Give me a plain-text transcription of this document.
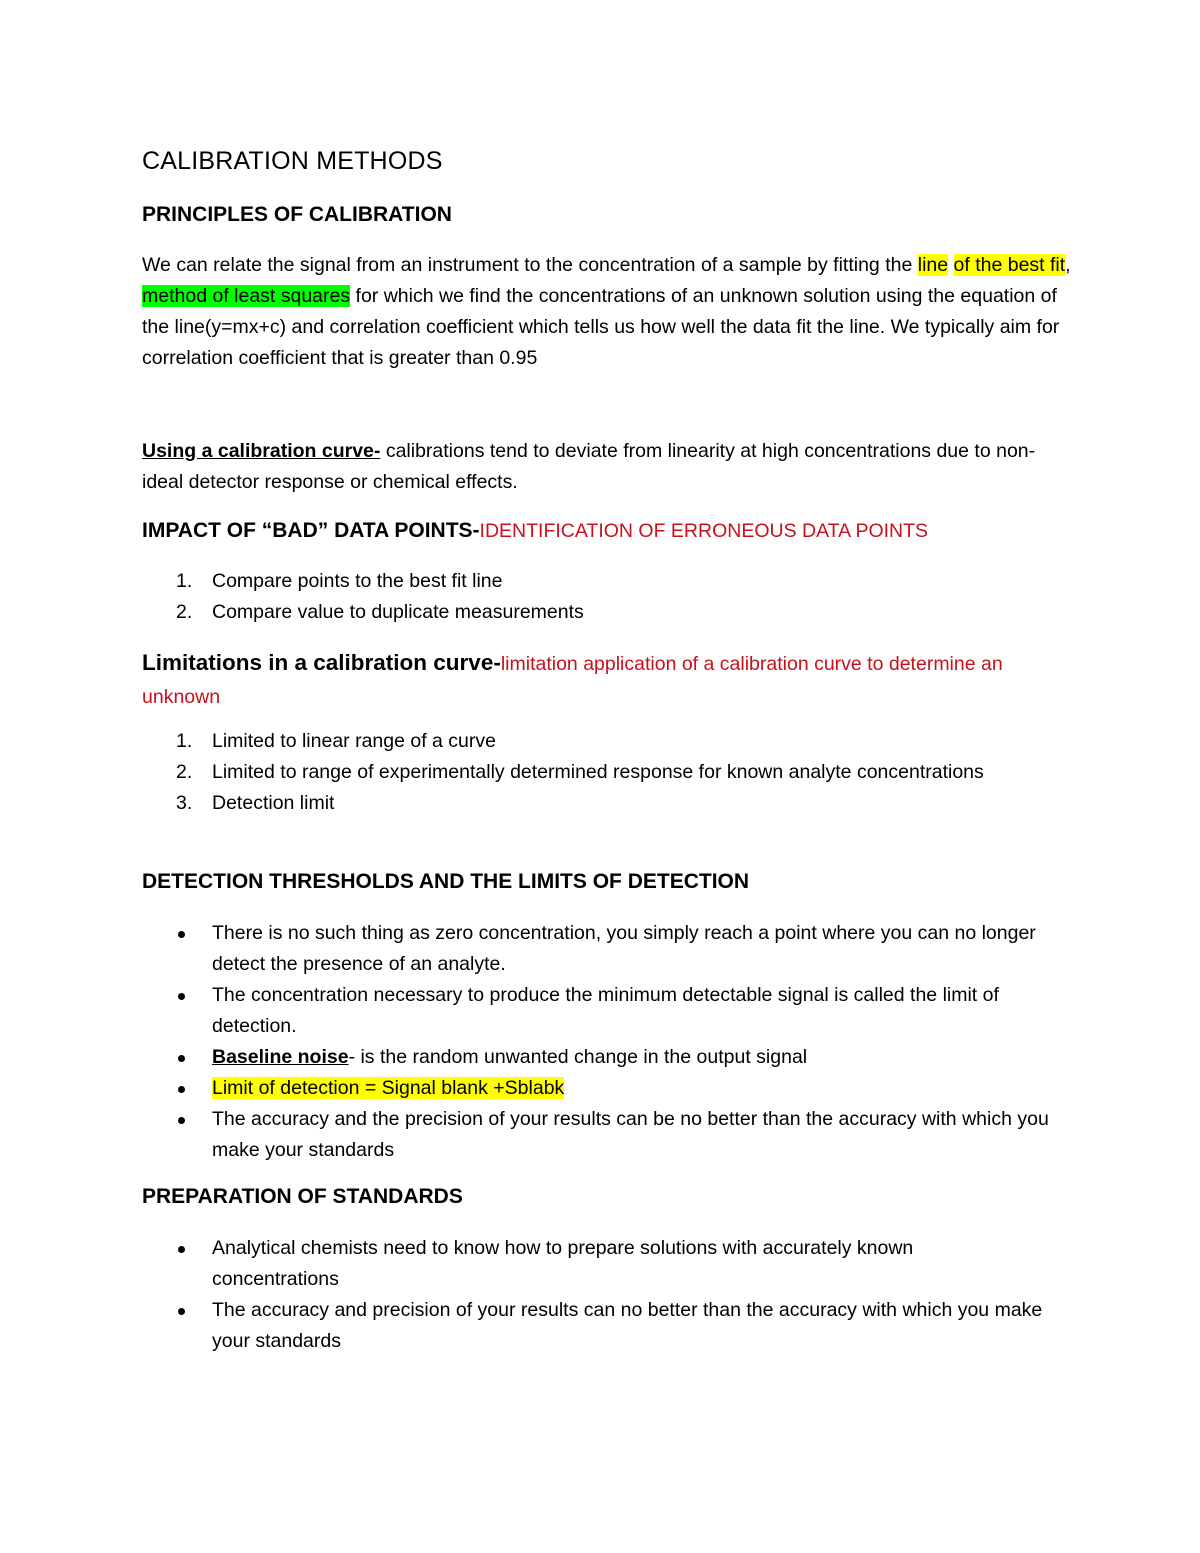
CALIBRATION METHODS
PRINCIPLES OF CALIBRATION
We can relate the signal from an instrument to the concentration of a sample by fitting the line of the best fit, method of least squares for which we find the concentrations of an unknown solution using the equation of the line(y=mx+c) and correlation coefficient which tells us how well the data fit the line. We typically aim for correlation coefficient that is greater than 0.95
Using a calibration curve- calibrations tend to deviate from linearity at high concentrations due to non-ideal detector response or chemical effects.
IMPACT OF “BAD” DATA POINTS-IDENTIFICATION OF ERRONEOUS DATA POINTS
1. Compare points to the best fit line
2. Compare value to duplicate measurements
Limitations in a calibration curve-limitation application of a calibration curve to determine an unknown
1. Limited to linear range of a curve
2. Limited to range of experimentally determined response for known analyte concentrations
3. Detection limit
DETECTION THRESHOLDS AND THE LIMITS OF DETECTION
There is no such thing as zero concentration, you simply reach a point where you can no longer detect the presence of an analyte.
The concentration necessary to produce the minimum detectable signal is called the limit of detection.
Baseline noise- is the random unwanted change in the output signal
Limit of detection = Signal blank +Sblabk
The accuracy and the precision of your results can be no better than the accuracy with which you make your standards
PREPARATION OF STANDARDS
Analytical chemists need to know how to prepare solutions with accurately known concentrations
The accuracy and precision of your results can no better than the accuracy with which you make your standards
